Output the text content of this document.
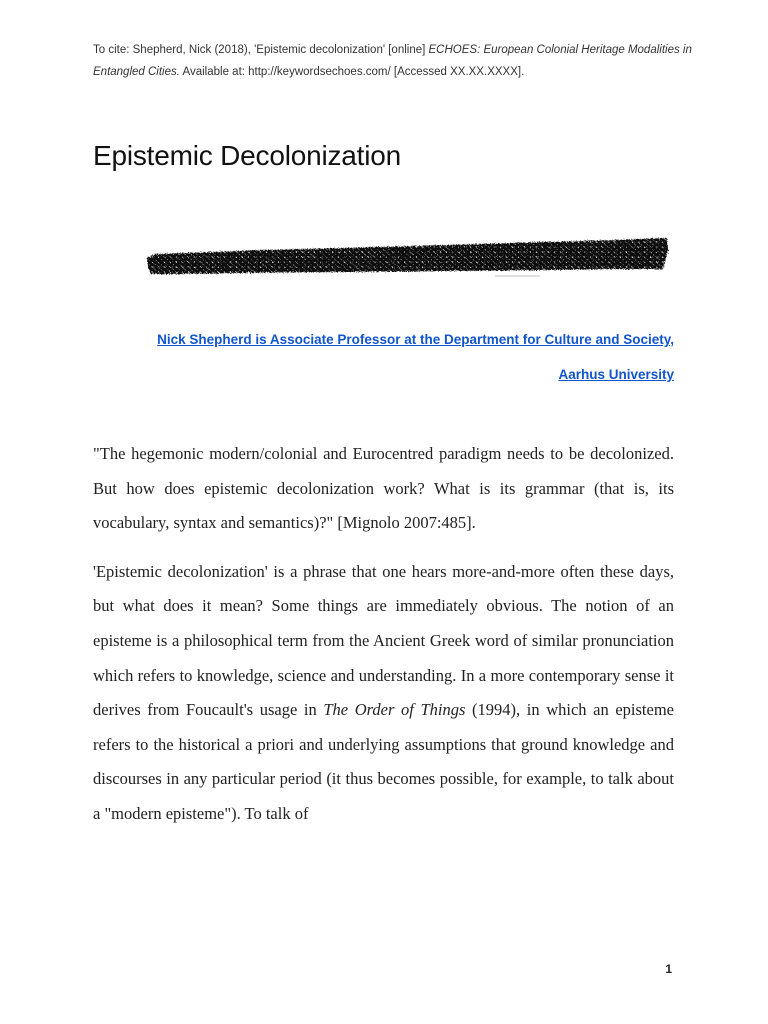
To cite: Shepherd, Nick (2018), 'Epistemic decolonization' [online] ECHOES: European Colonial Heritage Modalities in Entangled Cities. Available at: http://keywordsechoes.com/ [Accessed XX.XX.XXXX].
Epistemic Decolonization
Nick Shepherd is Associate Professor at the Department for Culture and Society, Aarhus University

"The hegemonic modern/colonial and Eurocentred paradigm needs to be decolonized. But how does epistemic decolonization work? What is its grammar (that is, its vocabulary, syntax and semantics)?" [Mignolo 2007:485].

'Epistemic decolonization' is a phrase that one hears more-and-more often these days, but what does it mean? Some things are immediately obvious. The notion of an episteme is a philosophical term from the Ancient Greek word of similar pronunciation which refers to knowledge, science and understanding. In a more contemporary sense it derives from Foucault's usage in The Order of Things (1994), in which an episteme refers to the historical a priori and underlying assumptions that ground knowledge and discourses in any particular period (it thus becomes possible, for example, to talk about a "modern episteme"). To talk of

1
